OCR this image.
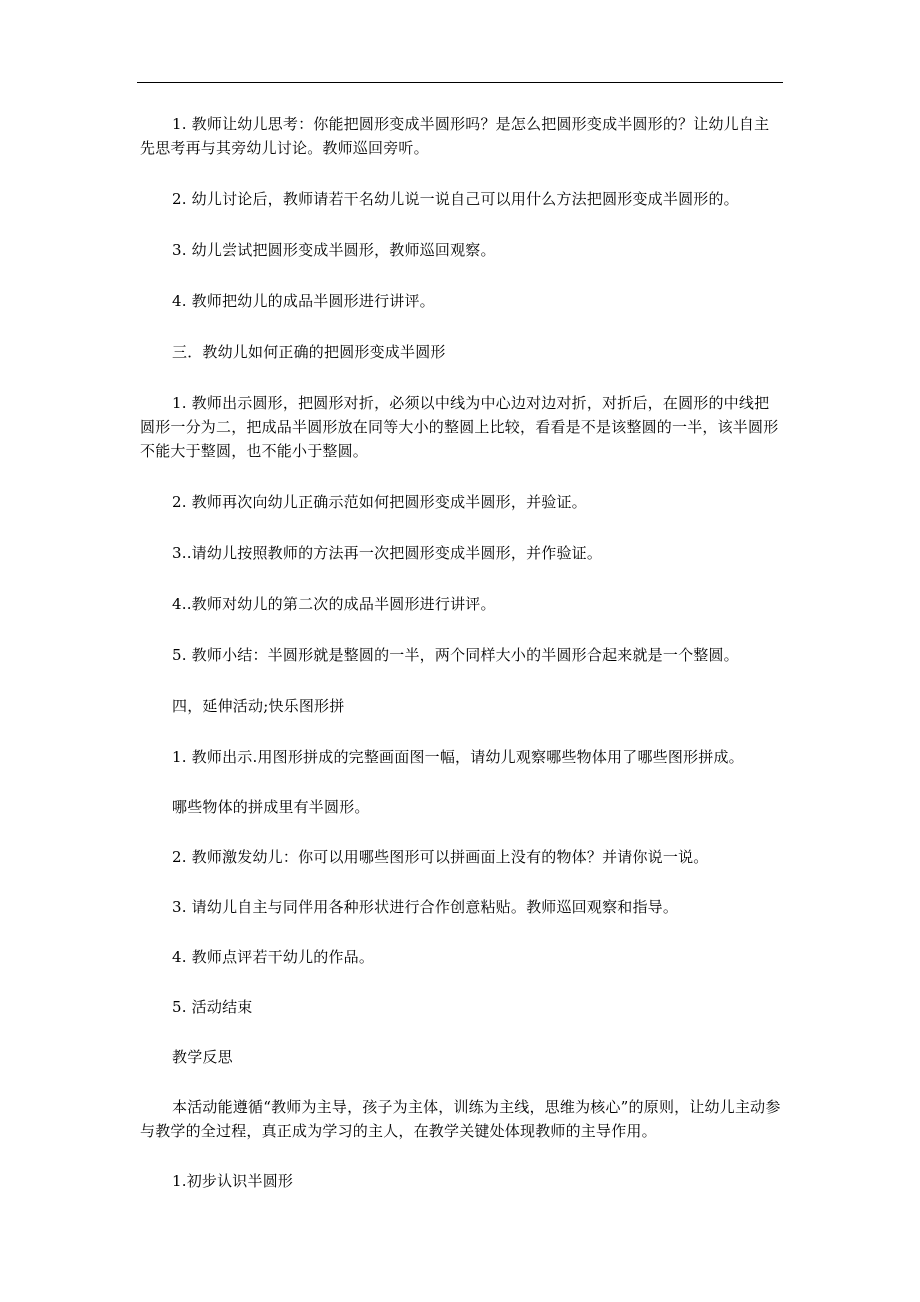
1. 教师让幼儿思考：你能把圆形变成半圆形吗？是怎么把圆形变成半圆形的？让幼儿自主先思考再与其旁幼儿讨论。教师巡回旁听。

2. 幼儿讨论后，教师请若干名幼儿说一说自己可以用什么方法把圆形变成半圆形的。

3. 幼儿尝试把圆形变成半圆形，教师巡回观察。

4. 教师把幼儿的成品半圆形进行讲评。

三．教幼儿如何正确的把圆形变成半圆形

1. 教师出示圆形，把圆形对折，必须以中线为中心边对边对折，对折后，在圆形的中线把圆形一分为二，把成品半圆形放在同等大小的整圆上比较，看看是不是该整圆的一半，该半圆形不能大于整圆，也不能小于整圆。

2. 教师再次向幼儿正确示范如何把圆形变成半圆形，并验证。

3..请幼儿按照教师的方法再一次把圆形变成半圆形，并作验证。

4..教师对幼儿的第二次的成品半圆形进行讲评。

5. 教师小结：半圆形就是整圆的一半，两个同样大小的半圆形合起来就是一个整圆。

四，延伸活动;快乐图形拼

1. 教师出示.用图形拼成的完整画面图一幅，请幼儿观察哪些物体用了哪些图形拼成。

哪些物体的拼成里有半圆形。

2. 教师激发幼儿：你可以用哪些图形可以拼画面上没有的物体？并请你说一说。

3. 请幼儿自主与同伴用各种形状进行合作创意粘贴。教师巡回观察和指导。

4. 教师点评若干幼儿的作品。

5. 活动结束

教学反思

本活动能遵循“教师为主导，孩子为主体，训练为主线，思维为核心”的原则，让幼儿主动参与教学的全过程，真正成为学习的主人，在教学关键处体现教师的主导作用。

1.初步认识半圆形
